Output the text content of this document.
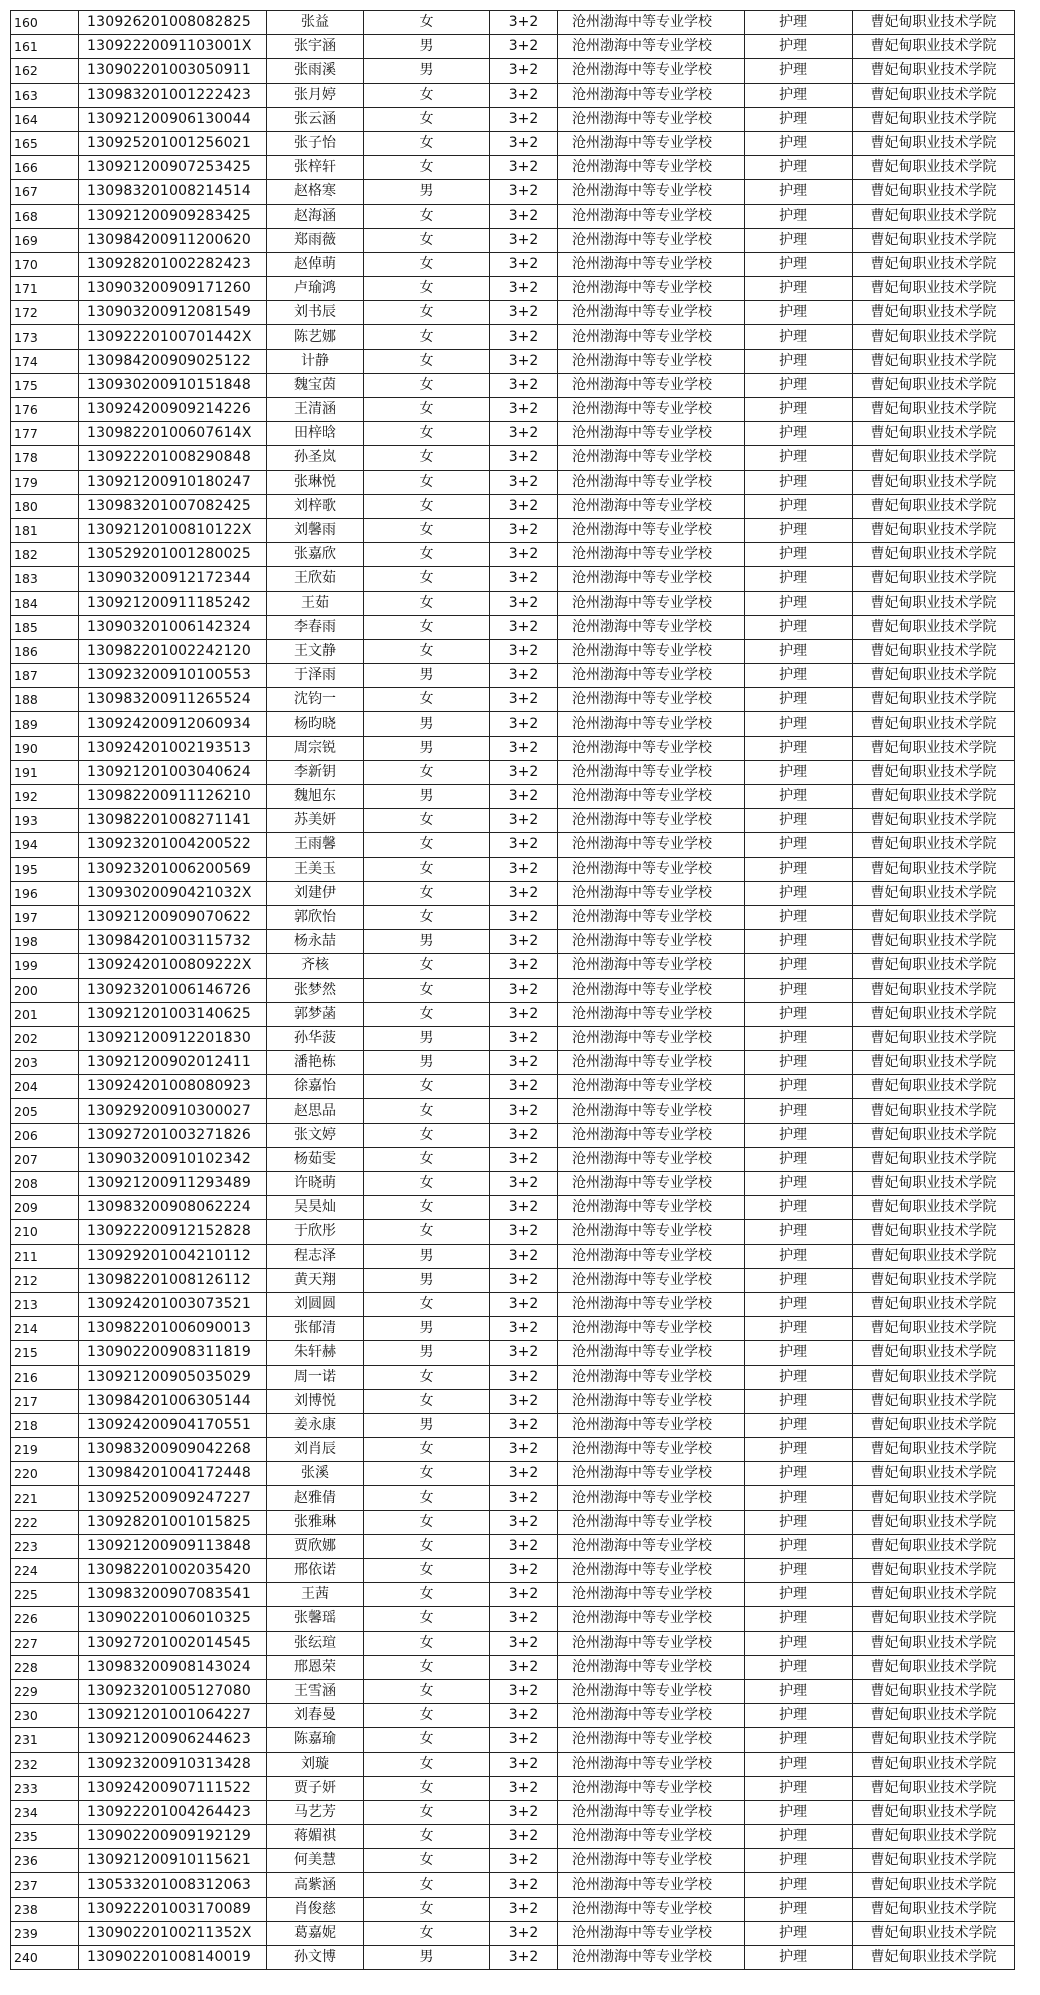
160	130926201008082825	张益	女	3+2	沧州渤海中等专业学校	护理	曹妃甸职业技术学院
161	13092220091103001X	张宇涵	男	3+2	沧州渤海中等专业学校	护理	曹妃甸职业技术学院
162	130902201003050911	张雨溪	男	3+2	沧州渤海中等专业学校	护理	曹妃甸职业技术学院
163	130983201001222423	张月婷	女	3+2	沧州渤海中等专业学校	护理	曹妃甸职业技术学院
164	130921200906130044	张云涵	女	3+2	沧州渤海中等专业学校	护理	曹妃甸职业技术学院
165	130925201001256021	张子怡	女	3+2	沧州渤海中等专业学校	护理	曹妃甸职业技术学院
166	130921200907253425	张梓轩	女	3+2	沧州渤海中等专业学校	护理	曹妃甸职业技术学院
167	130983201008214514	赵格寒	男	3+2	沧州渤海中等专业学校	护理	曹妃甸职业技术学院
168	130921200909283425	赵海涵	女	3+2	沧州渤海中等专业学校	护理	曹妃甸职业技术学院
169	130984200911200620	郑雨薇	女	3+2	沧州渤海中等专业学校	护理	曹妃甸职业技术学院
170	130928201002282423	赵倬萌	女	3+2	沧州渤海中等专业学校	护理	曹妃甸职业技术学院
171	130903200909171260	卢瑜鸿	女	3+2	沧州渤海中等专业学校	护理	曹妃甸职业技术学院
172	130903200912081549	刘书辰	女	3+2	沧州渤海中等专业学校	护理	曹妃甸职业技术学院
173	13092220100701442X	陈艺娜	女	3+2	沧州渤海中等专业学校	护理	曹妃甸职业技术学院
174	130984200909025122	计静	女	3+2	沧州渤海中等专业学校	护理	曹妃甸职业技术学院
175	130930200910151848	魏宝茵	女	3+2	沧州渤海中等专业学校	护理	曹妃甸职业技术学院
176	130924200909214226	王清涵	女	3+2	沧州渤海中等专业学校	护理	曹妃甸职业技术学院
177	13098220100607614X	田梓晗	女	3+2	沧州渤海中等专业学校	护理	曹妃甸职业技术学院
178	130922201008290848	孙圣岚	女	3+2	沧州渤海中等专业学校	护理	曹妃甸职业技术学院
179	130921200910180247	张琳悦	女	3+2	沧州渤海中等专业学校	护理	曹妃甸职业技术学院
180	130983201007082425	刘梓歌	女	3+2	沧州渤海中等专业学校	护理	曹妃甸职业技术学院
181	13092120100810122X	刘馨雨	女	3+2	沧州渤海中等专业学校	护理	曹妃甸职业技术学院
182	130529201001280025	张嘉欣	女	3+2	沧州渤海中等专业学校	护理	曹妃甸职业技术学院
183	130903200912172344	王欣茹	女	3+2	沧州渤海中等专业学校	护理	曹妃甸职业技术学院
184	130921200911185242	王茹	女	3+2	沧州渤海中等专业学校	护理	曹妃甸职业技术学院
185	130903201006142324	李春雨	女	3+2	沧州渤海中等专业学校	护理	曹妃甸职业技术学院
186	130982201002242120	王文静	女	3+2	沧州渤海中等专业学校	护理	曹妃甸职业技术学院
187	130923200910100553	于泽雨	男	3+2	沧州渤海中等专业学校	护理	曹妃甸职业技术学院
188	130983200911265524	沈钧一	女	3+2	沧州渤海中等专业学校	护理	曹妃甸职业技术学院
189	130924200912060934	杨昀晓	男	3+2	沧州渤海中等专业学校	护理	曹妃甸职业技术学院
190	130924201002193513	周宗锐	男	3+2	沧州渤海中等专业学校	护理	曹妃甸职业技术学院
191	130921201003040624	李新钥	女	3+2	沧州渤海中等专业学校	护理	曹妃甸职业技术学院
192	130982200911126210	魏旭东	男	3+2	沧州渤海中等专业学校	护理	曹妃甸职业技术学院
193	130982201008271141	苏美妍	女	3+2	沧州渤海中等专业学校	护理	曹妃甸职业技术学院
194	130923201004200522	王雨馨	女	3+2	沧州渤海中等专业学校	护理	曹妃甸职业技术学院
195	130923201006200569	王美玉	女	3+2	沧州渤海中等专业学校	护理	曹妃甸职业技术学院
196	13093020090421032X	刘建伊	女	3+2	沧州渤海中等专业学校	护理	曹妃甸职业技术学院
197	130921200909070622	郭欣怡	女	3+2	沧州渤海中等专业学校	护理	曹妃甸职业技术学院
198	130984201003115732	杨永喆	男	3+2	沧州渤海中等专业学校	护理	曹妃甸职业技术学院
199	13092420100809222X	齐核	女	3+2	沧州渤海中等专业学校	护理	曹妃甸职业技术学院
200	130923201006146726	张梦然	女	3+2	沧州渤海中等专业学校	护理	曹妃甸职业技术学院
201	130921201003140625	郭梦菡	女	3+2	沧州渤海中等专业学校	护理	曹妃甸职业技术学院
202	130921200912201830	孙华菠	男	3+2	沧州渤海中等专业学校	护理	曹妃甸职业技术学院
203	130921200902012411	潘艳栋	男	3+2	沧州渤海中等专业学校	护理	曹妃甸职业技术学院
204	130924201008080923	徐嘉怡	女	3+2	沧州渤海中等专业学校	护理	曹妃甸职业技术学院
205	130929200910300027	赵思品	女	3+2	沧州渤海中等专业学校	护理	曹妃甸职业技术学院
206	130927201003271826	张文婷	女	3+2	沧州渤海中等专业学校	护理	曹妃甸职业技术学院
207	130903200910102342	杨茹雯	女	3+2	沧州渤海中等专业学校	护理	曹妃甸职业技术学院
208	130921200911293489	许晓萌	女	3+2	沧州渤海中等专业学校	护理	曹妃甸职业技术学院
209	130983200908062224	吴昊灿	女	3+2	沧州渤海中等专业学校	护理	曹妃甸职业技术学院
210	130922200912152828	于欣彤	女	3+2	沧州渤海中等专业学校	护理	曹妃甸职业技术学院
211	130929201004210112	程志泽	男	3+2	沧州渤海中等专业学校	护理	曹妃甸职业技术学院
212	130982201008126112	黄天翔	男	3+2	沧州渤海中等专业学校	护理	曹妃甸职业技术学院
213	130924201003073521	刘圆圆	女	3+2	沧州渤海中等专业学校	护理	曹妃甸职业技术学院
214	130982201006090013	张郁清	男	3+2	沧州渤海中等专业学校	护理	曹妃甸职业技术学院
215	130902200908311819	朱轩赫	男	3+2	沧州渤海中等专业学校	护理	曹妃甸职业技术学院
216	130921200905035029	周一诺	女	3+2	沧州渤海中等专业学校	护理	曹妃甸职业技术学院
217	130984201006305144	刘博悦	女	3+2	沧州渤海中等专业学校	护理	曹妃甸职业技术学院
218	130924200904170551	姜永康	男	3+2	沧州渤海中等专业学校	护理	曹妃甸职业技术学院
219	130983200909042268	刘肖辰	女	3+2	沧州渤海中等专业学校	护理	曹妃甸职业技术学院
220	130984201004172448	张溪	女	3+2	沧州渤海中等专业学校	护理	曹妃甸职业技术学院
221	130925200909247227	赵雅倩	女	3+2	沧州渤海中等专业学校	护理	曹妃甸职业技术学院
222	130928201001015825	张雅琳	女	3+2	沧州渤海中等专业学校	护理	曹妃甸职业技术学院
223	130921200909113848	贾欣娜	女	3+2	沧州渤海中等专业学校	护理	曹妃甸职业技术学院
224	130982201002035420	邢依诺	女	3+2	沧州渤海中等专业学校	护理	曹妃甸职业技术学院
225	130983200907083541	王茜	女	3+2	沧州渤海中等专业学校	护理	曹妃甸职业技术学院
226	130902201006010325	张馨瑶	女	3+2	沧州渤海中等专业学校	护理	曹妃甸职业技术学院
227	130927201002014545	张纭瑄	女	3+2	沧州渤海中等专业学校	护理	曹妃甸职业技术学院
228	130983200908143024	邢恩荣	女	3+2	沧州渤海中等专业学校	护理	曹妃甸职业技术学院
229	130923201005127080	王雪涵	女	3+2	沧州渤海中等专业学校	护理	曹妃甸职业技术学院
230	130921201001064227	刘春曼	女	3+2	沧州渤海中等专业学校	护理	曹妃甸职业技术学院
231	130921200906244623	陈嘉瑜	女	3+2	沧州渤海中等专业学校	护理	曹妃甸职业技术学院
232	130923200910313428	刘璇	女	3+2	沧州渤海中等专业学校	护理	曹妃甸职业技术学院
233	130924200907111522	贾子妍	女	3+2	沧州渤海中等专业学校	护理	曹妃甸职业技术学院
234	130922201004264423	马艺芳	女	3+2	沧州渤海中等专业学校	护理	曹妃甸职业技术学院
235	130902200909192129	蒋媚祺	女	3+2	沧州渤海中等专业学校	护理	曹妃甸职业技术学院
236	130921200910115621	何美慧	女	3+2	沧州渤海中等专业学校	护理	曹妃甸职业技术学院
237	130533201008312063	高紫涵	女	3+2	沧州渤海中等专业学校	护理	曹妃甸职业技术学院
238	130922201003170089	肖俊慈	女	3+2	沧州渤海中等专业学校	护理	曹妃甸职业技术学院
239	13090220100211352X	葛嘉妮	女	3+2	沧州渤海中等专业学校	护理	曹妃甸职业技术学院
240	130902201008140019	孙文博	男	3+2	沧州渤海中等专业学校	护理	曹妃甸职业技术学院
